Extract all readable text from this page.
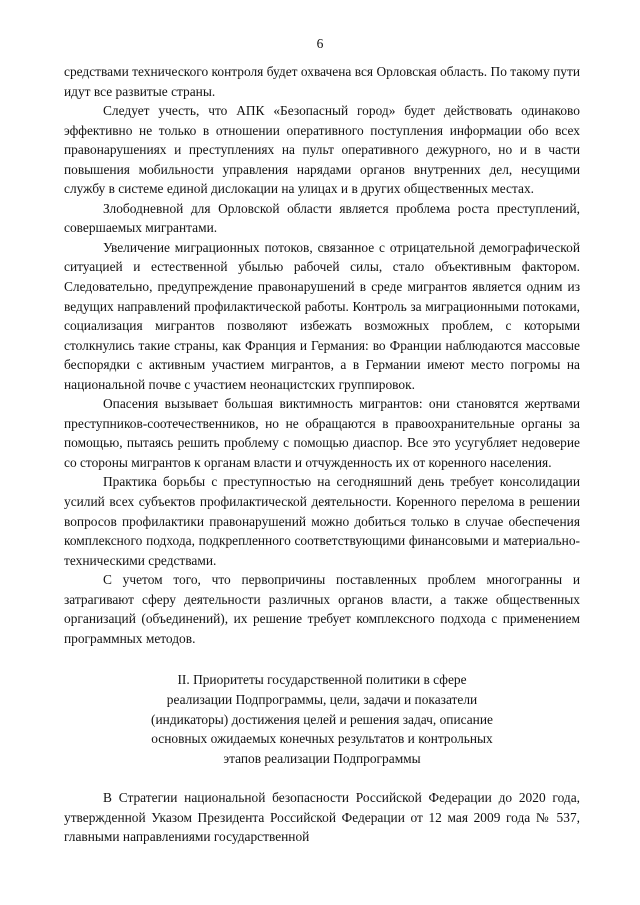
6

средствами технического контроля будет охвачена вся Орловская область. По такому пути идут все развитые страны.

Следует учесть, что АПК «Безопасный город» будет действовать одинаково эффективно не только в отношении оперативного поступления информации обо всех правонарушениях и преступлениях на пульт оперативного дежурного, но и в части повышения мобильности управления нарядами органов внутренних дел, несущими службу в системе единой дислокации на улицах и в других общественных местах.

Злободневной для Орловской области является проблема роста преступлений, совершаемых мигрантами.

Увеличение миграционных потоков, связанное с отрицательной демографической ситуацией и естественной убылью рабочей силы, стало объективным фактором. Следовательно, предупреждение правонарушений в среде мигрантов является одним из ведущих направлений профилактической работы. Контроль за миграционными потоками, социализация мигрантов позволяют избежать возможных проблем, с которыми столкнулись такие страны, как Франция и Германия: во Франции наблюдаются массовые беспорядки с активным участием мигрантов, а в Германии имеют место погромы на национальной почве с участием неонацистских группировок.

Опасения вызывает большая виктимность мигрантов: они становятся жертвами преступников-соотечественников, но не обращаются в правоохранительные органы за помощью, пытаясь решить проблему с помощью диаспор. Все это усугубляет недоверие со стороны мигрантов к органам власти и отчужденность их от коренного населения.

Практика борьбы с преступностью на сегодняшний день требует консолидации усилий всех субъектов профилактической деятельности. Коренного перелома в решении вопросов профилактики правонарушений можно добиться только в случае обеспечения комплексного подхода, подкрепленного соответствующими финансовыми и материально-техническими средствами.

С учетом того, что первопричины поставленных проблем многогранны и затрагивают сферу деятельности различных органов власти, а также общественных организаций (объединений), их решение требует комплексного подхода с применением программных методов.

II. Приоритеты государственной политики в сфере
реализации Подпрограммы, цели, задачи и показатели
(индикаторы) достижения целей и решения задач, описание
основных ожидаемых конечных результатов и контрольных
этапов реализации Подпрограммы

В Стратегии национальной безопасности Российской Федерации до 2020 года, утвержденной Указом Президента Российской Федерации от 12 мая 2009 года № 537, главными направлениями государственной
